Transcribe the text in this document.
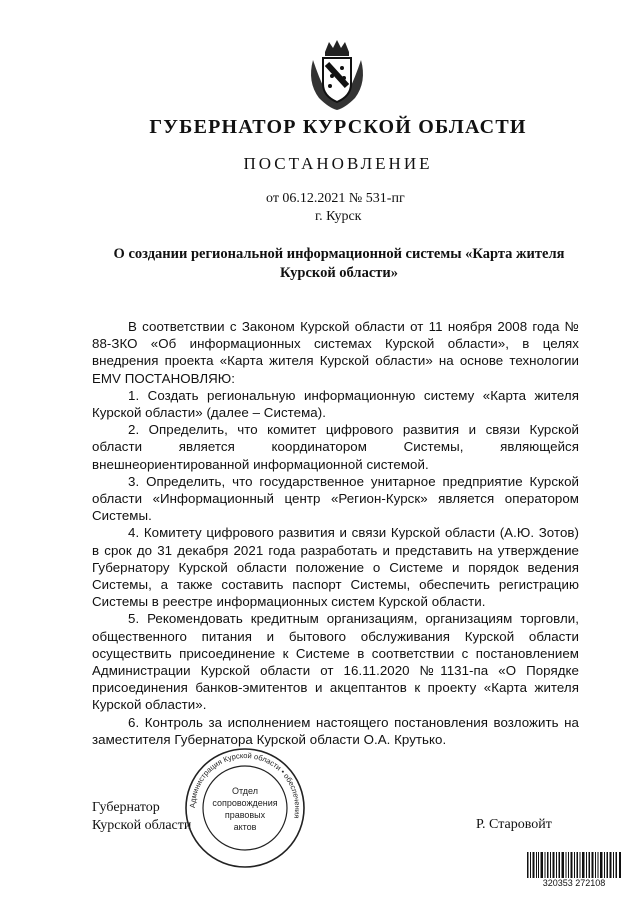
ГУБЕРНАТОР КУРСКОЙ ОБЛАСТИ
ПОСТАНОВЛЕНИЕ
от 06.12.2021 № 531-пг
г. Курск
О создании региональной информационной системы «Карта жителя Курской области»

В соответствии с Законом Курской области от 11 ноября 2008 года № 88-ЗКО «Об информационных системах Курской области», в целях внедрения проекта «Карта жителя Курской области» на основе технологии EMV ПОСТАНОВЛЯЮ:

1. Создать региональную информационную систему «Карта жителя Курской области» (далее – Система).

2. Определить, что комитет цифрового развития и связи Курской области является координатором Системы, являющейся внешнеориентированной информационной системой.

3. Определить, что государственное унитарное предприятие Курской области «Информационный центр «Регион-Курск» является оператором Системы.

4. Комитету цифрового развития и связи Курской области (А.Ю. Зотов) в срок до 31 декабря 2021 года разработать и представить на утверждение Губернатору Курской области положение о Системе и порядок ведения Системы, а также составить паспорт Системы, обеспечить регистрацию Системы в реестре информационных систем Курской области.

5. Рекомендовать кредитным организациям, организациям торговли, общественного питания и бытового обслуживания Курской области осуществить присоединение к Системе в соответствии с постановлением Администрации Курской области от 16.11.2020 №1131-па «О Порядке присоединения банков-эмитентов и акцептантов к проекту «Карта жителя Курской области».

6. Контроль за исполнением настоящего постановления возложить на заместителя Губернатора Курской области О.А. Крутько.

Губернатор
Курской области	Р. Старовойт
Администрация Курской области • обеспечения
Отдел
сопровождения
правовых
актов
320353 272108
